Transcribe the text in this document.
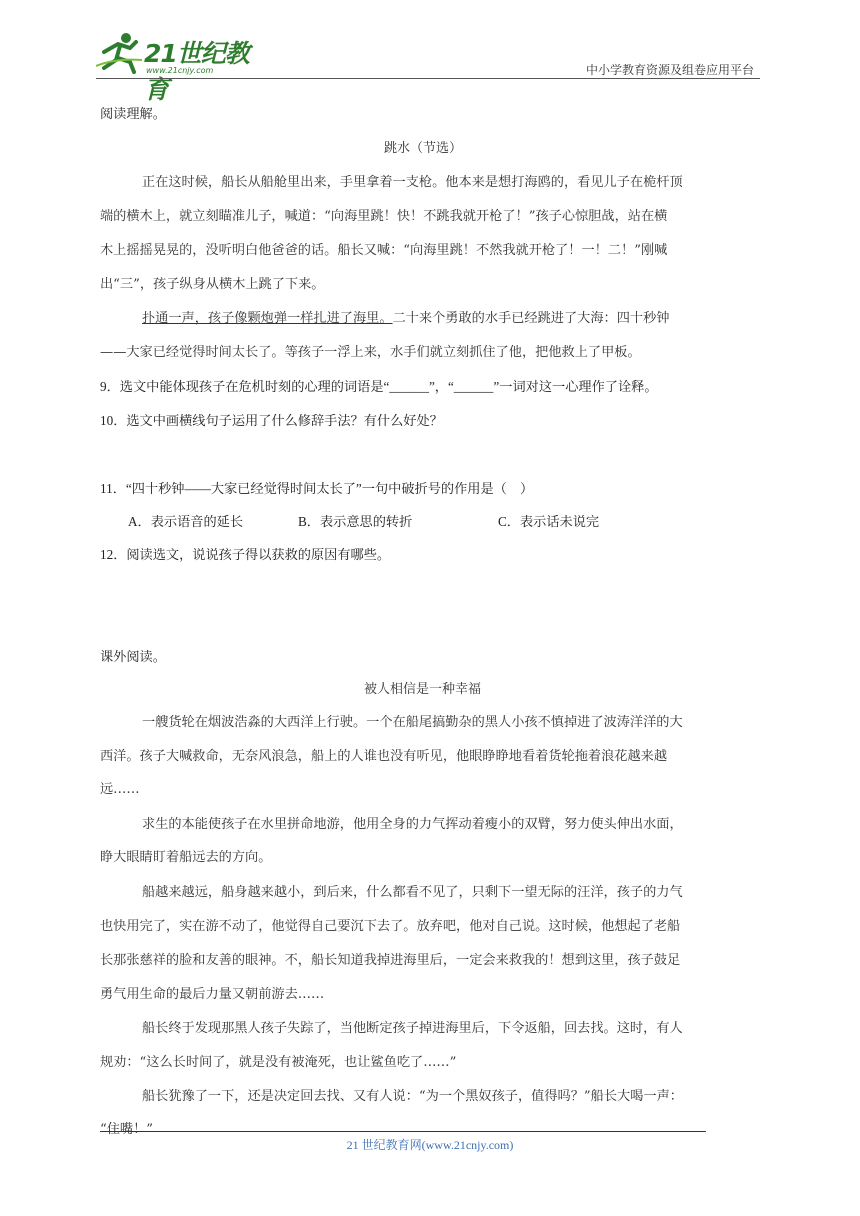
21世纪教育
www.21cnjy.com	中小学教育资源及组卷应用平台
阅读理解。
跳水（节选）
正在这时候，船长从船舱里出来，手里拿着一支枪。他本来是想打海鸥的，看见儿子在桅杆顶
端的横木上，就立刻瞄准儿子，喊道：“向海里跳！快！不跳我就开枪了！”孩子心惊胆战，站在横
木上摇摇晃晃的，没听明白他爸爸的话。船长又喊：“向海里跳！不然我就开枪了！一！二！”刚喊
出“三”，孩子纵身从横木上跳了下来。
扑通一声，孩子像颗炮弹一样扎进了海里。二十来个勇敢的水手已经跳进了大海：四十秒钟
——大家已经觉得时间太长了。等孩子一浮上来，水手们就立刻抓住了他，把他救上了甲板。
9．选文中能体现孩子在危机时刻的心理的词语是“______”，“______”一词对这一心理作了诠释。
10．选文中画横线句子运用了什么修辞手法？有什么好处？
11．“四十秒钟——大家已经觉得时间太长了”一句中破折号的作用是（　）
A．表示语音的延长	B．表示意思的转折	C．表示话未说完
12．阅读选文，说说孩子得以获救的原因有哪些。
课外阅读。
被人相信是一种幸福
一艘货轮在烟波浩淼的大西洋上行驶。一个在船尾搞勤杂的黑人小孩不慎掉进了波涛洋洋的大
西洋。孩子大喊救命，无奈风浪急，船上的人谁也没有听见，他眼睁睁地看着货轮拖着浪花越来越
远……
求生的本能使孩子在水里拼命地游，他用全身的力气挥动着瘦小的双臂，努力使头伸出水面，
睁大眼睛盯着船远去的方向。
船越来越远，船身越来越小，到后来，什么都看不见了，只剩下一望无际的汪洋，孩子的力气
也快用完了，实在游不动了，他觉得自己要沉下去了。放弃吧，他对自己说。这时候，他想起了老船
长那张慈祥的脸和友善的眼神。不，船长知道我掉进海里后，一定会来救我的！想到这里，孩子鼓足
勇气用生命的最后力量又朝前游去……
船长终于发现那黑人孩子失踪了，当他断定孩子掉进海里后，下令返船，回去找。这时，有人
规劝：“这么长时间了，就是没有被淹死，也让鲨鱼吃了……”
船长犹豫了一下，还是决定回去找、又有人说：“为一个黑奴孩子，值得吗？”船长大喝一声：
“住嘴！”
21 世纪教育网(www.21cnjy.com)
